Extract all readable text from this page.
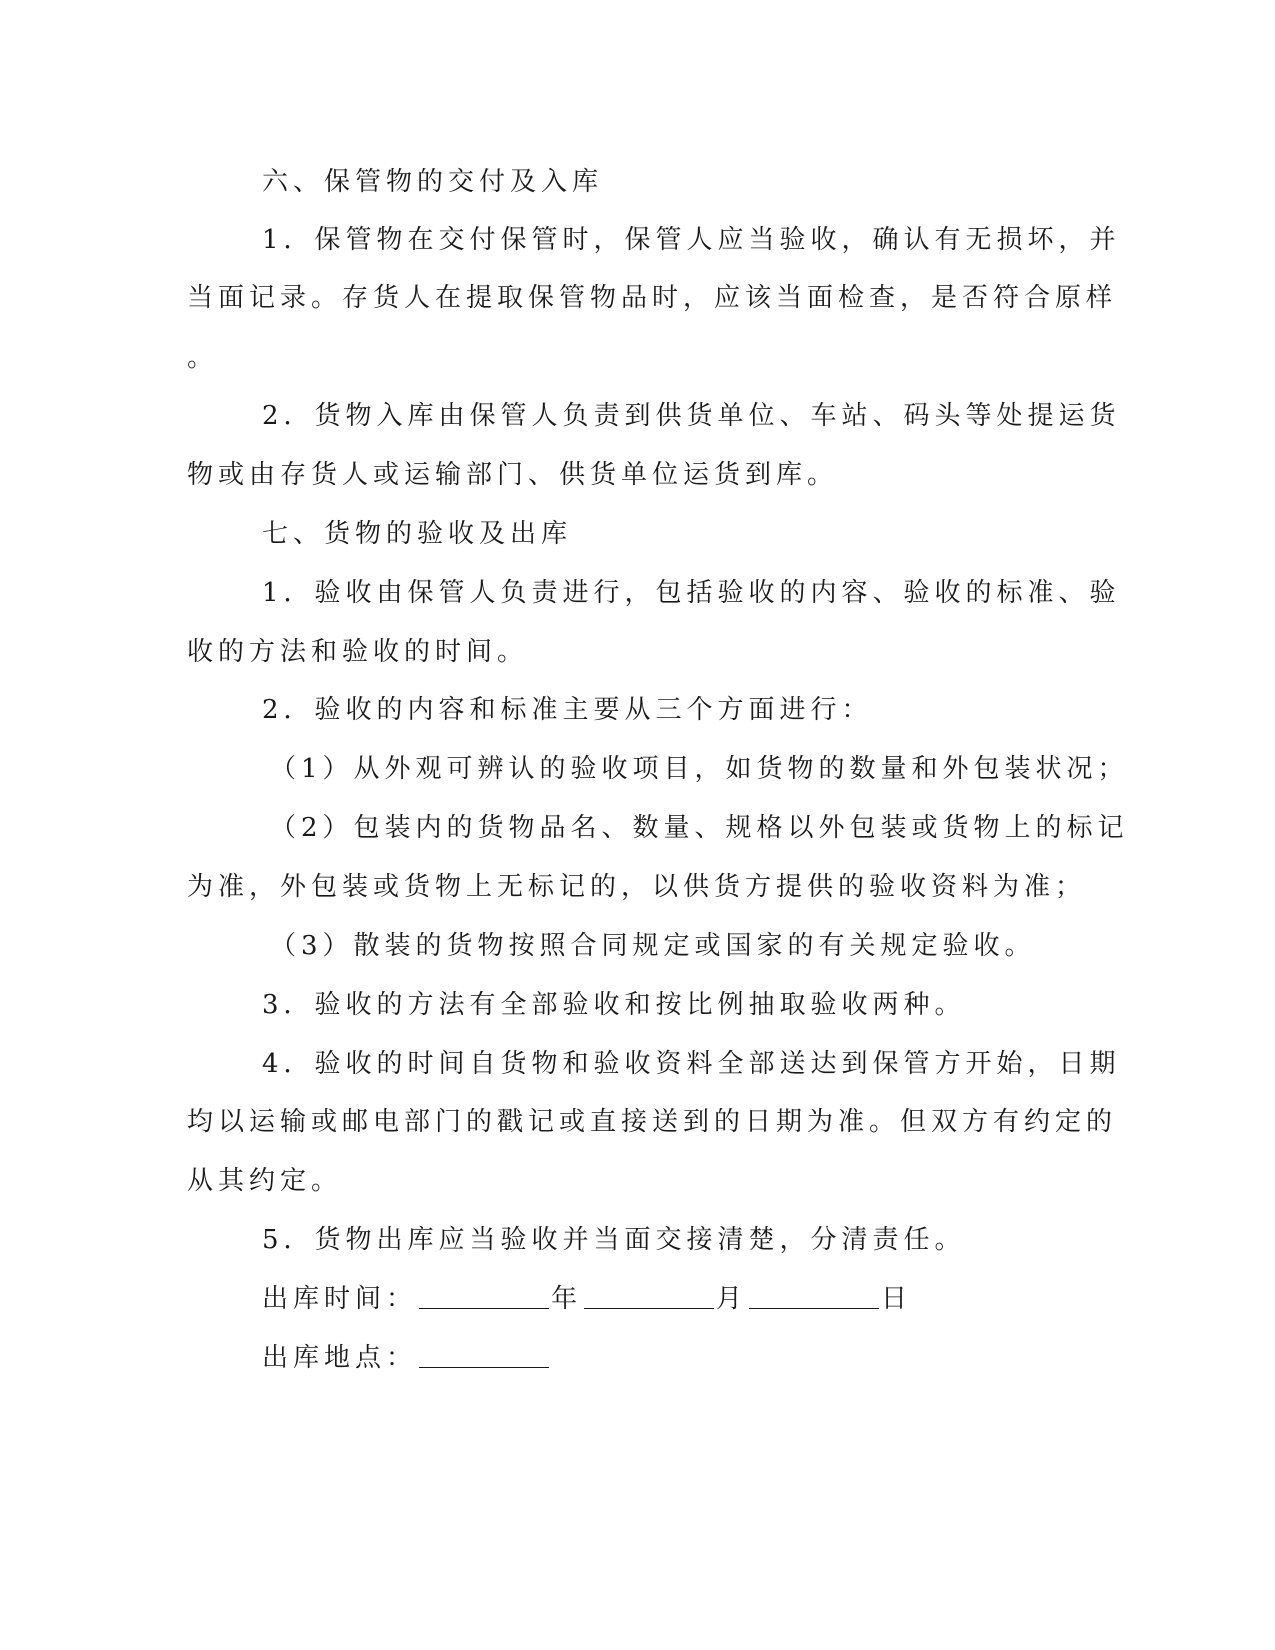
六、保管物的交付及入库
1．保管物在交付保管时，保管人应当验收，确认有无损坏，并
当面记录。存货人在提取保管物品时，应该当面检查，是否符合原样
。
2．货物入库由保管人负责到供货单位、车站、码头等处提运货
物或由存货人或运输部门、供货单位运货到库。
七、货物的验收及出库
1．验收由保管人负责进行，包括验收的内容、验收的标准、验
收的方法和验收的时间。
2．验收的内容和标准主要从三个方面进行：
（1）从外观可辨认的验收项目，如货物的数量和外包装状况；
（2）包装内的货物品名、数量、规格以外包装或货物上的标记
为准，外包装或货物上无标记的，以供货方提供的验收资料为准；
（3）散装的货物按照合同规定或国家的有关规定验收。
3．验收的方法有全部验收和按比例抽取验收两种。
4．验收的时间自货物和验收资料全部送达到保管方开始，日期
均以运输或邮电部门的戳记或直接送到的日期为准。但双方有约定的
从其约定。
5．货物出库应当验收并当面交接清楚，分清责任。
出库时间：	年	月	日
出库地点：
